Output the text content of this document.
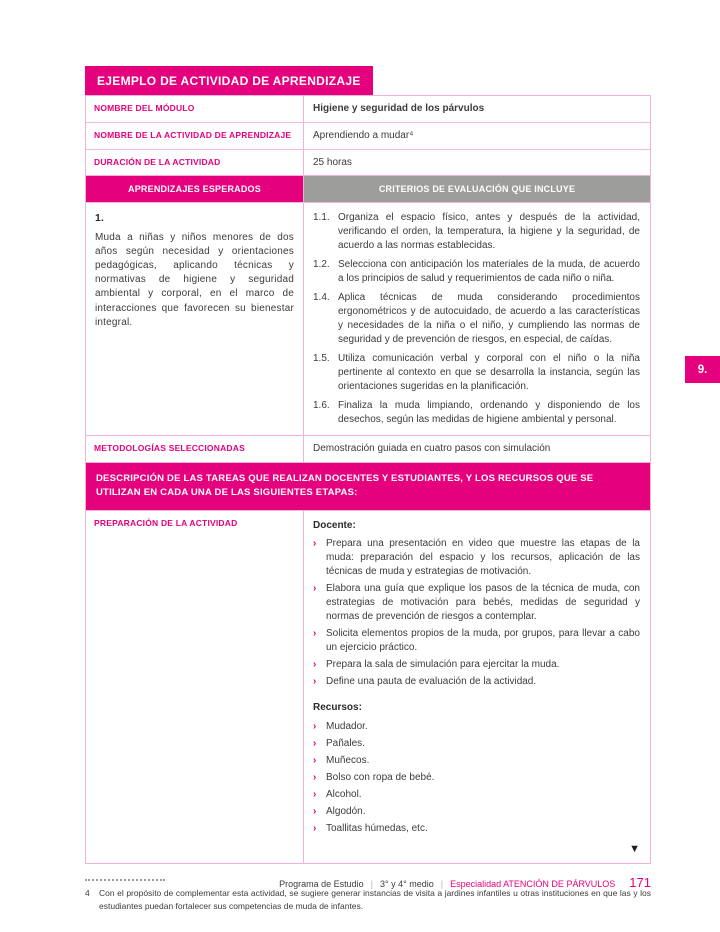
9.
EJEMPLO DE ACTIVIDAD DE APRENDIZAJE
NOMBRE DEL MÓDULO	Higiene y seguridad de los párvulos
NOMBRE DE LA ACTIVIDAD DE APRENDIZAJE	Aprendiendo a mudar⁴
DURACIÓN DE LA ACTIVIDAD	25 horas
APRENDIZAJES ESPERADOS	CRITERIOS DE EVALUACIÓN QUE INCLUYE
1.
Muda a niñas y niños menores de dos años según necesidad y orientaciones pedagógicas, aplicando técnicas y normativas de higiene y seguridad ambiental y corporal, en el marco de interacciones que favorecen su bienestar integral.
1.1. Organiza el espacio físico, antes y después de la actividad, verificando el orden, la temperatura, la higiene y la seguridad, de acuerdo a las normas establecidas.
1.2. Selecciona con anticipación los materiales de la muda, de acuerdo a los principios de salud y requerimientos de cada niño o niña.
1.4. Aplica técnicas de muda considerando procedimientos ergonométricos y de autocuidado, de acuerdo a las características y necesidades de la niña o el niño, y cumpliendo las normas de seguridad y de prevención de riesgos, en especial, de caídas.
1.5. Utiliza comunicación verbal y corporal con el niño o la niña pertinente al contexto en que se desarrolla la instancia, según las orientaciones sugeridas en la planificación.
1.6. Finaliza la muda limpiando, ordenando y disponiendo de los desechos, según las medidas de higiene ambiental y personal.
METODOLOGÍAS SELECCIONADAS	Demostración guiada en cuatro pasos con simulación
DESCRIPCIÓN DE LAS TAREAS QUE REALIZAN DOCENTES Y ESTUDIANTES, Y LOS RECURSOS QUE SE UTILIZAN EN CADA UNA DE LAS SIGUIENTES ETAPAS:
PREPARACIÓN DE LA ACTIVIDAD	Docente:
› Prepara una presentación en video que muestre las etapas de la muda: preparación del espacio y los recursos, aplicación de las técnicas de muda y estrategias de motivación.
› Elabora una guía que explique los pasos de la técnica de muda, con estrategias de motivación para bebés, medidas de seguridad y normas de prevención de riesgos a contemplar.
› Solicita elementos propios de la muda, por grupos, para llevar a cabo un ejercicio práctico.
› Prepara la sala de simulación para ejercitar la muda.
› Define una pauta de evaluación de la actividad.
Recursos:
› Mudador.
› Pañales.
› Muñecos.
› Bolso con ropa de bebé.
› Alcohol.
› Algodón.
› Toallitas húmedas, etc.
▼
4	Con el propósito de complementar esta actividad, se sugiere generar instancias de visita a jardines infantiles u otras instituciones en que las y los estudiantes puedan fortalecer sus competencias de muda de infantes.
Programa de Estudio | 3° y 4° medio | Especialidad ATENCIÓN DE PÁRVULOS 171
